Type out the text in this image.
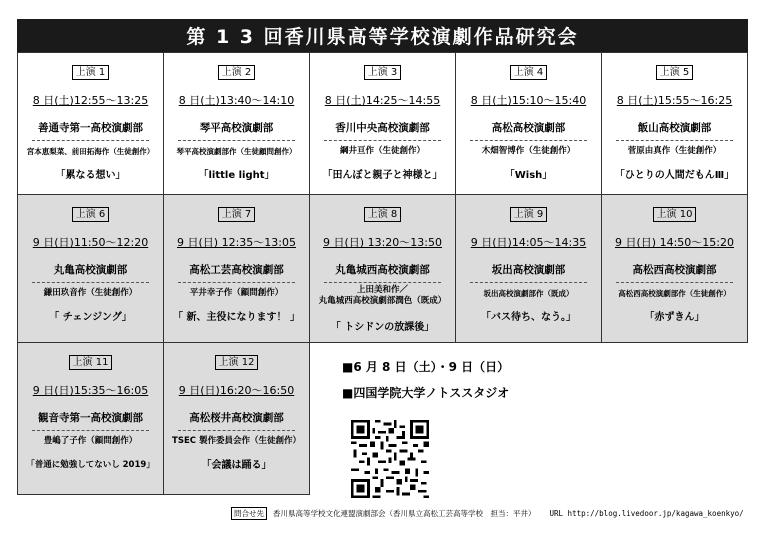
第 1 3 回香川県高等学校演劇作品研究会
上演 1
8 日(土)12:55～13:25
善通寺第一高校演劇部
宮本恵梨菜、前田拓海作（生徒創作）
「累なる想い」
上演 2
8 日(土)13:40～14:10
琴平高校演劇部
琴平高校演劇部作（生徒顧問創作）
「little light」
上演 3
8 日(土)14:25～14:55
香川中央高校演劇部
綱井亘作（生徒創作）
「田んぼと親子と神様と」
上演 4
8 日(土)15:10～15:40
高松高校演劇部
木畑智博作（生徒創作）
「Wish」
上演 5
8 日(土)15:55～16:25
飯山高校演劇部
菅原由真作（生徒創作）
「ひとりの人間だもんⅢ」
上演 6
9 日(日)11:50～12:20
丸亀高校演劇部
鎌田玖音作（生徒創作）
「 チェンジング」
上演 7
9 日(日) 12:35～13:05
高松工芸高校演劇部
平井幸子作（顧問創作）
「 新、主役になります！ 」
上演 8
9 日(日) 13:20～13:50
丸亀城西高校演劇部
上田美和作／
丸亀城西高校演劇部潤色（既成）
「 トシドンの放課後」
上演 9
9 日(日)14:05～14:35
坂出高校演劇部
坂出高校演劇部作（既成）
「バス待ち、なう。」
上演 10
9 日(日) 14:50～15:20
高松西高校演劇部
高松西高校演劇部作（生徒創作）
「赤ずきん」
上演 11
9 日(日)15:35～16:05
観音寺第一高校演劇部
豊嶋了子作（顧問創作）
「普通に勉強してないし 2019」
上演 12
9 日(日)16:20～16:50
高松桜井高校演劇部
TSEC 製作委員会作（生徒創作）
「会議は踊る」
■6 月 8 日（土）・9 日（日）
■四国学院大学ノトススタジオ
問合せ先	香川県高等学校文化連盟演劇部会（香川県立高松工芸高等学校　担当：平井） URL http://blog.livedoor.jp/kagawa_koenkyo/
